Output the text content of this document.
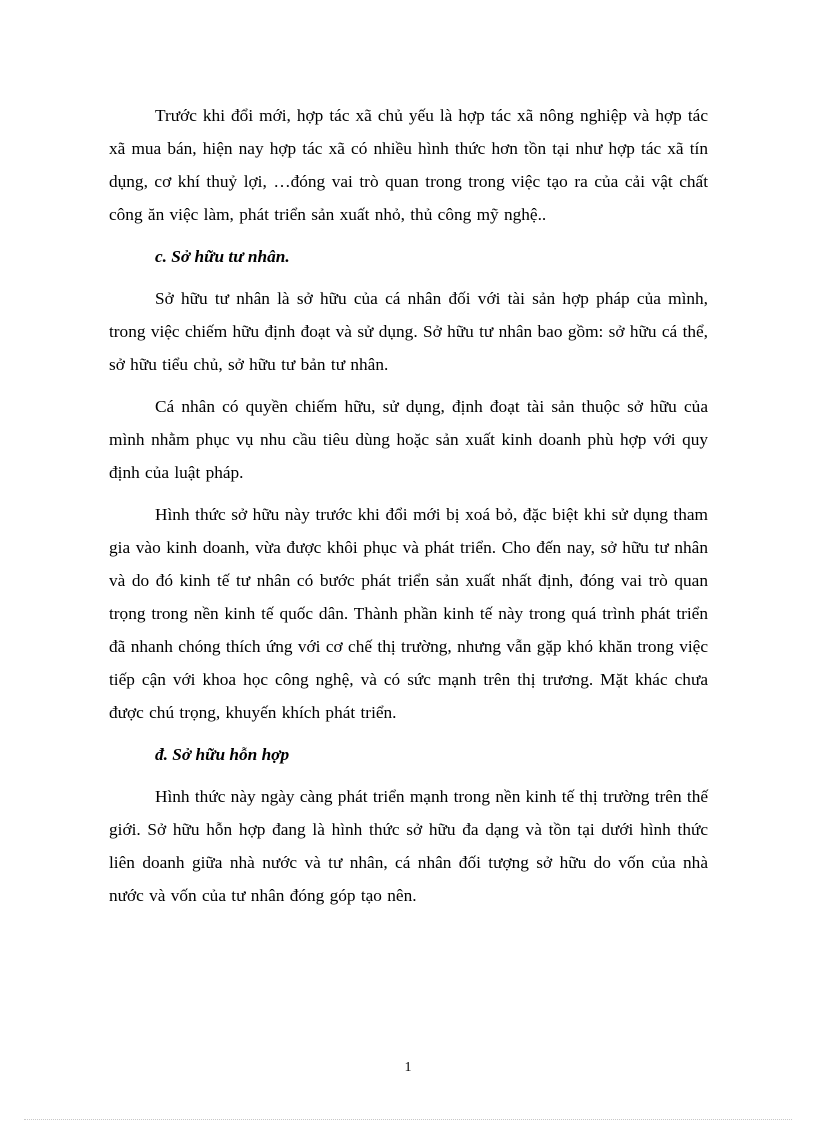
Trước khi đổi mới, hợp tác xã chủ yếu là hợp tác xã nông nghiệp và hợp tác xã mua bán, hiện nay hợp tác xã có nhiều hình thức hơn tồn tại như hợp tác xã tín dụng, cơ khí thuỷ lợi, …đóng vai trò quan trong trong việc tạo ra của cải vật chất công ăn việc làm, phát triển sản xuất nhỏ, thủ công mỹ nghệ..

c. Sở hữu tư nhân.

Sở hữu tư nhân là sở hữu của cá nhân đối với tài sản hợp pháp của mình, trong việc chiếm hữu định đoạt và sử dụng. Sở hữu tư nhân bao gồm: sở hữu cá thể, sở hữu tiểu chủ, sở hữu tư bản tư nhân.

Cá nhân có quyền chiếm hữu, sử dụng, định đoạt tài sản thuộc sở hữu của mình nhằm phục vụ nhu cầu tiêu dùng hoặc sản xuất kinh doanh phù hợp với quy định của luật pháp.

Hình thức sở hữu này trước khi đổi mới bị xoá bỏ, đặc biệt khi sử dụng tham gia vào kinh doanh, vừa được khôi phục và phát triển. Cho đến nay, sở hữu tư nhân và do đó kinh tế tư nhân có bước phát triển sản xuất nhất định, đóng vai trò quan trọng trong nền kinh tế quốc dân. Thành phần kinh tế này trong quá trình phát triển đã nhanh chóng thích ứng với cơ chế thị trường, nhưng vẫn gặp khó khăn trong việc tiếp cận với khoa học công nghệ, và có sức mạnh trên thị trương. Mặt khác chưa được chú trọng, khuyến khích phát triển.

đ. Sở hữu hỗn hợp

Hình thức này ngày càng phát triển mạnh trong nền kinh tế thị trường trên thế giới. Sở hữu hỗn hợp đang là hình thức sở hữu đa dạng và tồn tại dưới hình thức liên doanh giữa nhà nước và tư nhân, cá nhân đối tượng sở hữu do vốn của nhà nước và vốn của tư nhân đóng góp tạo nên.

1
